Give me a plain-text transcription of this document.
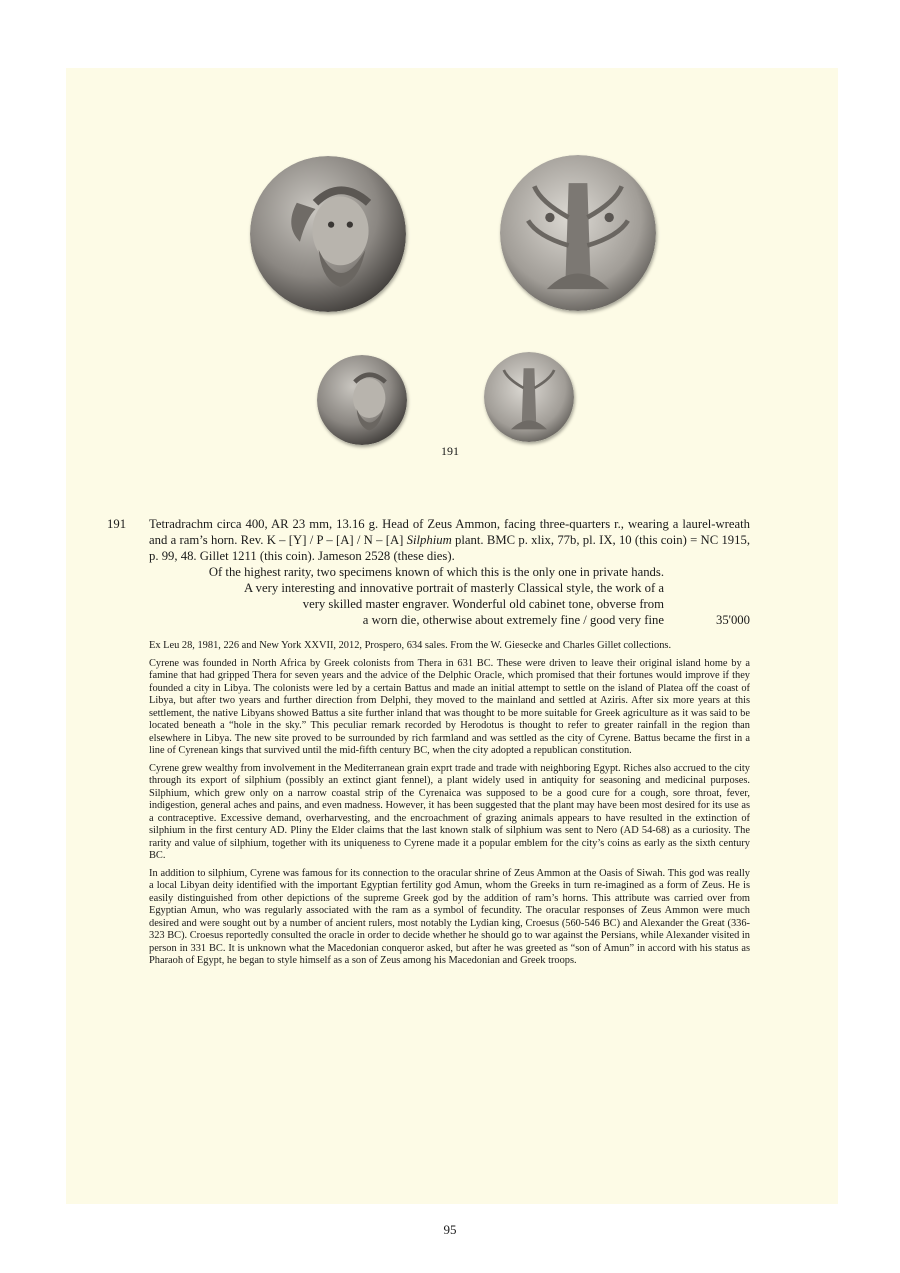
191
191 Tetradrachm circa 400, AR 23 mm, 13.16 g. Head of Zeus Ammon, facing three-quarters r., wearing a laurel-wreath and a ram’s horn. Rev. K – [Y] / P – [A] / N – [A] Silphium plant. BMC p. xlix, 77b, pl. IX, 10 (this coin) = NC 1915, p. 99, 48. Gillet 1211 (this coin). Jameson 2528 (these dies).
Of the highest rarity, two specimens known of which this is the only one in private hands.
A very interesting and innovative portrait of masterly Classical style, the work of a
very skilled master engraver. Wonderful old cabinet tone, obverse from
a worn die, otherwise about extremely fine / good very fine	35'000

Ex Leu 28, 1981, 226 and New York XXVII, 2012, Prospero, 634 sales. From the W. Giesecke and Charles Gillet collections.

Cyrene was founded in North Africa by Greek colonists from Thera in 631 BC. These were driven to leave their original island home by a famine that had gripped Thera for seven years and the advice of the Delphic Oracle, which promised that their fortunes would improve if they founded a city in Libya. The colonists were led by a certain Battus and made an initial attempt to settle on the island of Platea off the coast of Libya, but after two years and further direction from Delphi, they moved to the mainland and settled at Aziris. After six more years at this settlement, the native Libyans showed Battus a site further inland that was thought to be more suitable for Greek agriculture as it was said to be located beneath a “hole in the sky.” This peculiar remark recorded by Herodotus is thought to refer to greater rainfall in the region than elsewhere in Libya. The new site proved to be surrounded by rich farmland and was settled as the city of Cyrene. Battus became the first in a line of Cyrenean kings that survived until the mid-fifth century BC, when the city adopted a republican constitution.

Cyrene grew wealthy from involvement in the Mediterranean grain exprt trade and trade with neighboring Egypt. Riches also accrued to the city through its export of silphium (possibly an extinct giant fennel), a plant widely used in antiquity for seasoning and medicinal purposes. Silphium, which grew only on a narrow coastal strip of the Cyrenaica was supposed to be a good cure for a cough, sore throat, fever, indigestion, general aches and pains, and even madness. However, it has been suggested that the plant may have been most desired for its use as a contraceptive. Excessive demand, overharvesting, and the encroachment of grazing animals appears to have resulted in the extinction of silphium in the first century AD. Pliny the Elder claims that the last known stalk of silphium was sent to Nero (AD 54-68) as a curiosity. The rarity and value of silphium, together with its uniqueness to Cyrene made it a popular emblem for the city’s coins as early as the sixth century BC.

In addition to silphium, Cyrene was famous for its connection to the oracular shrine of Zeus Ammon at the Oasis of Siwah. This god was really a local Libyan deity identified with the important Egyptian fertility god Amun, whom the Greeks in turn re-imagined as a form of Zeus. He is easily distinguished from other depictions of the supreme Greek god by the addition of ram’s horns. This attribute was carried over from Egyptian Amun, who was regularly associated with the ram as a symbol of fecundity. The oracular responses of Zeus Ammon were much desired and were sought out by a number of ancient rulers, most notably the Lydian king, Croesus (560-546 BC) and Alexander the Great (336-323 BC). Croesus reportedly consulted the oracle in order to decide whether he should go to war against the Persians, while Alexander visited in person in 331 BC. It is unknown what the Macedonian conqueror asked, but after he was greeted as “son of Amun” in accord with his status as Pharaoh of Egypt, he began to style himself as a son of Zeus among his Macedonian and Greek troops.

95
